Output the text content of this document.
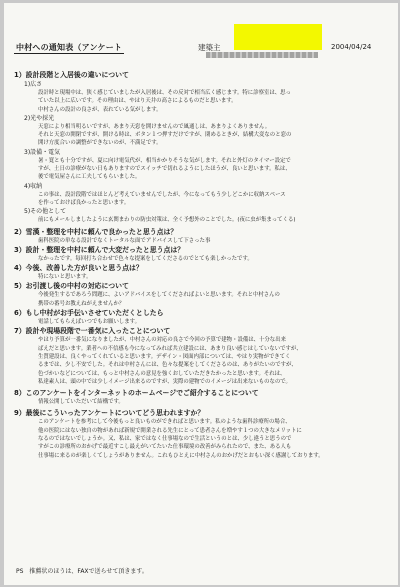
中村への通知表（アンケート	建築主	2004/04/24
1）設計段階と入居後の違いについて
1)広さ
設計時と現場中は、狭く感じていましたが入居後は、その反対で相当広く感じます。特に診察室は、思っ
ていた以上に広いです。その理由は、やはり天井の高さによるものだと思います。
中村さんの設計の良さが、表れている気がします。
2)光や採光
天窓により相当明るいですが、あまり天窓を開けませんので風通しは、あまりよくありません。
それと天窓の開閉ですが、開ける時は、ボタン１つ押すだけですが、閉めるときが、結構大変なのと窓の
開け方度合いの調整ができないのが、不満足です。
3)設備・電気
暑・寛とも十分ですが、夏に向け電気代が、相当かかりそうな気がします。それと外灯のタイマー設定で
すが、土日の診療がない日もありますのでスイッチで切れるようにしたほうが、良いと思います。私は、
後で電気屋さんに工夫してもらいました。
4)収納
この事は、設計段階ではほとんど考えていませんでしたが、今になってもう少しどこかに収納スペース
を作っておけば良かったと思います。
5)その他として
前にもメールしましたように玄関まわりの防虫対策は、全く予想外のことでした。(夜に虫が集まってくる)
2）雪漢・整理を中村に頼んで良かったと思う点は？
歯科医院の単なる設計でなくトータルな面でアドバイスして下さった事
3）設計・整理を中村に頼んで大変だったと思う点は？
なかったです。毎回打ち合わせで色々な提案をしてくださるのでとても楽しかったです。
4）今後、改善した方が良いと思う点は？
特にないと思います。
5）お引渡し後の中村の対応について
今後発生するであろう問題に、よいアドバイスをしてくださればよいと思います。それと中村さんの
携帯の番号お教えねがえませんか？
6）もし中村がお手伝いさせていただくとしたら
電話してもらえばいつでもお願いします。
7）設計や現場段階で一番気に入ったことについて
やはり予算が一番気になりましたが、中村さんの対応の良さで今回の予算で建物・設備は、十分な出来
ばえだと思います。業者への不信感も今になってみれば共立建設には、あまり良い感じはしていないですが、
生質建設は、良くやってくれていると思います。デザイン・図面内部については、やはり実物ができてく
るまでは、少し不安でした。それは中村さんには、色々な提案をしてくださるのは、ありがたいのですが、
色づかいなどについては、もっと中村さんの意見を強くおしていただきたかったと思います。それは、
私達素人は、頭の中では少しイメージ出来るのですが、実際の建物でのイメージは出来ないものなので。
8）このアンケートをインターネットのホームページでご紹介することについて
情報公開していただいて結構です。
9）最後にこういったアンケートについてどう思われますか？
このアンケートを参考にして今後もっと良いものができればと思います。私のような歯科診療所の場合、
他の医院にはない独自の物があれば新規で開業される先生にとって患者さんを増やす１つの大きなメリットに
なるのではないでしょうか。又、私は、家ではなく仕事場なので生活というのとは、少し違うと思うので
すがこの診療所のおかげで最近すこし最えがいてたいた仕事環境の改善がみられたので、また、ある人も
仕事場に来るのが楽しくてしょうがありません。これもひとえに中村さんのおかげだとおもい深く感謝しております。
PS　推薦状のほうは、FAXで送らせて頂きます。
